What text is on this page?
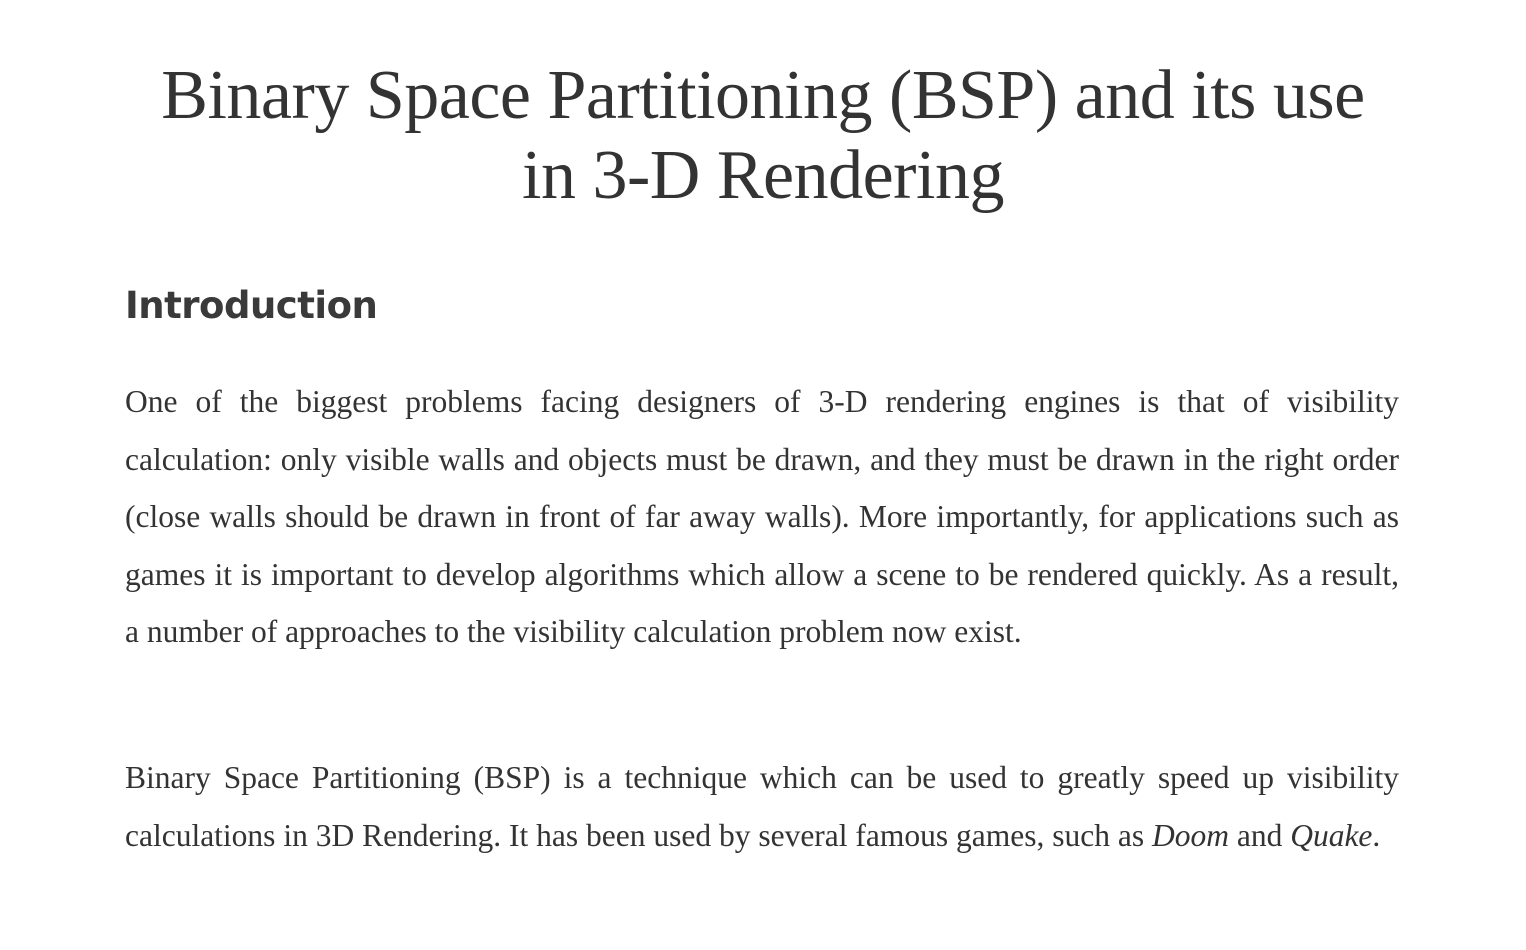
Binary Space Partitioning (BSP) and its use in 3-D Rendering
Introduction

One of the biggest problems facing designers of 3-D rendering engines is that of visibility calculation: only visible walls and objects must be drawn, and they must be drawn in the right order (close walls should be drawn in front of far away walls). More importantly, for applications such as games it is important to develop algorithms which allow a scene to be rendered quickly. As a result, a number of approaches to the visibility calculation problem now exist.

Binary Space Partitioning (BSP) is a technique which can be used to greatly speed up visibility calculations in 3D Rendering. It has been used by several famous games, such as Doom and Quake.
